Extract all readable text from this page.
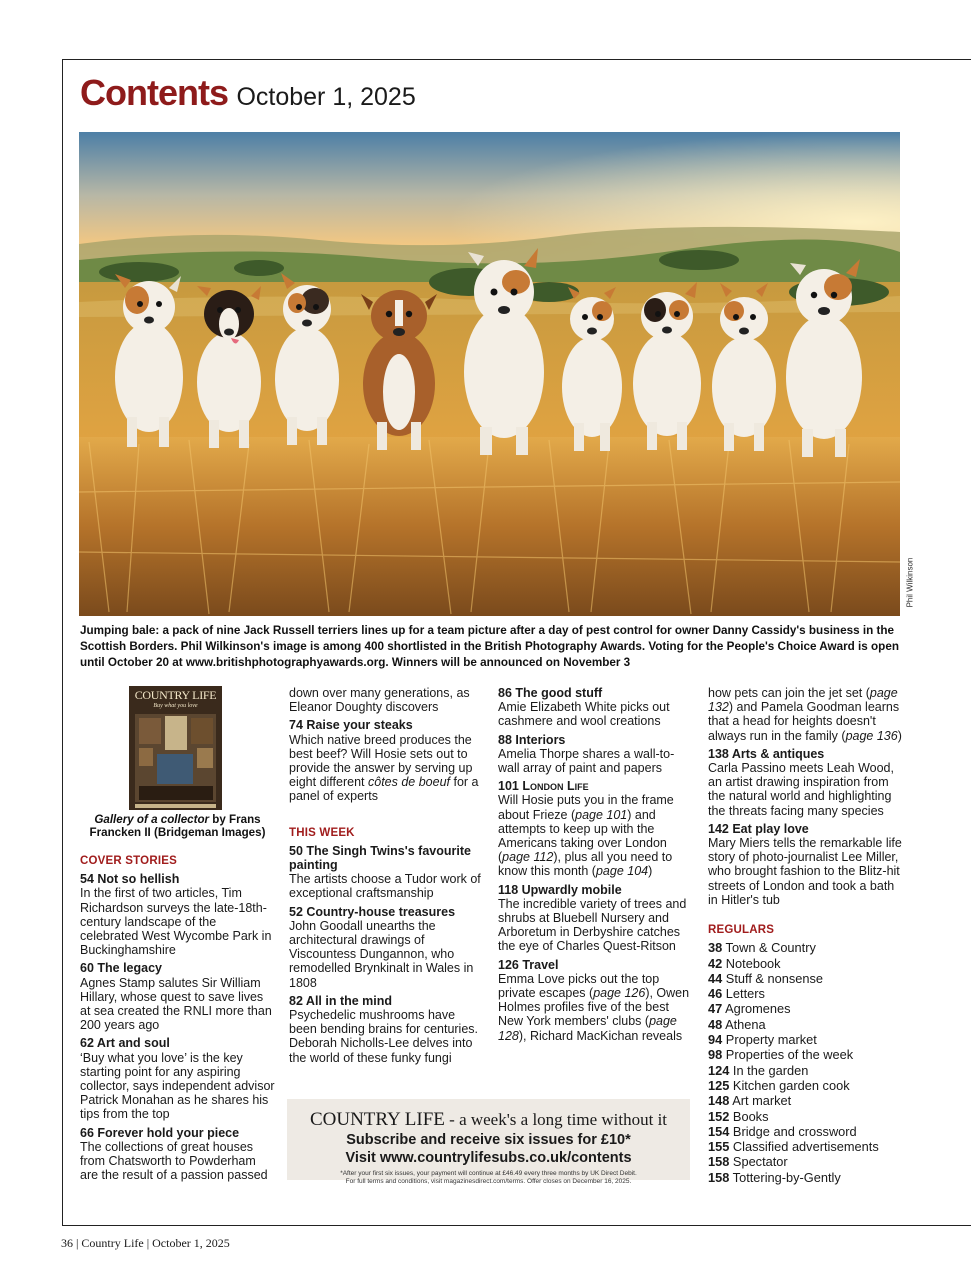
Contents October 1, 2025
Phil Wilkinson
Jumping bale: a pack of nine Jack Russell terriers lines up for a team picture after a day of pest control for owner Danny Cassidy's business in the Scottish Borders. Phil Wilkinson's image is among 400 shortlisted in the British Photography Awards. Voting for the People's Choice Award is open until October 20 at www.britishphotographyawards.org. Winners will be announced on November 3
COUNTRY LIFE
Buy what you love
Gallery of a collector by Frans Francken II (Bridgeman Images)

COVER STORIES

54 Not so hellish

In the first of two articles, Tim Richardson surveys the late-18th-century landscape of the celebrated West Wycombe Park in Buckinghamshire

60 The legacy

Agnes Stamp salutes Sir William Hillary, whose quest to save lives at sea created the RNLI more than 200 years ago

62 Art and soul

‘Buy what you love’ is the key starting point for any aspiring collector, says independent advisor Patrick Monahan as he shares his tips from the top

66 Forever hold your piece

The collections of great houses from Chatsworth to Powderham are the result of a passion passed

down over many generations, as Eleanor Doughty discovers

74 Raise your steaks

Which native breed produces the best beef? Will Hosie sets out to provide the answer by serving up eight different côtes de boeuf for a panel of experts

THIS WEEK

50 The Singh Twins's favourite painting

The artists choose a Tudor work of exceptional craftsmanship

52 Country-house treasures

John Goodall unearths the architectural drawings of Viscountess Dungannon, who remodelled Brynkinalt in Wales in 1808

82 All in the mind

Psychedelic mushrooms have been bending brains for centuries. Deborah Nicholls-Lee delves into the world of these funky fungi

86 The good stuff

Amie Elizabeth White picks out cashmere and wool creations

88 Interiors

Amelia Thorpe shares a wall-to-wall array of paint and papers

101 London Life

Will Hosie puts you in the frame about Frieze (page 101) and attempts to keep up with the Americans taking over London (page 112), plus all you need to know this month (page 104)

118 Upwardly mobile

The incredible variety of trees and shrubs at Bluebell Nursery and Arboretum in Derbyshire catches the eye of Charles Quest-Ritson

126 Travel

Emma Love picks out the top private escapes (page 126), Owen Holmes profiles five of the best New York members' clubs (page 128), Richard MacKichan reveals

how pets can join the jet set (page 132) and Pamela Goodman learns that a head for heights doesn't always run in the family (page 136)

138 Arts & antiques

Carla Passino meets Leah Wood, an artist drawing inspiration from the natural world and highlighting the threats facing many species

142 Eat play love

Mary Miers tells the remarkable life story of photo-journalist Lee Miller, who brought fashion to the Blitz-hit streets of London and took a bath in Hitler's tub

REGULARS

38 Town & Country
42 Notebook
44 Stuff & nonsense
46 Letters
47 Agromenes
48 Athena
94 Property market
98 Properties of the week
124 In the garden
125 Kitchen garden cook
148 Art market
152 Books
154 Bridge and crossword
155 Classified advertisements
158 Spectator
158 Tottering-by-Gently
COUNTRY LIFE - a week's a long time without it
Subscribe and receive six issues for £10*
Visit www.countrylifesubs.co.uk/contents
*After your first six issues, your payment will continue at £46.49 every three months by UK Direct Debit.
For full terms and conditions, visit magazinesdirect.com/terms. Offer closes on December 16, 2025.
36 | Country Life | October 1, 2025
